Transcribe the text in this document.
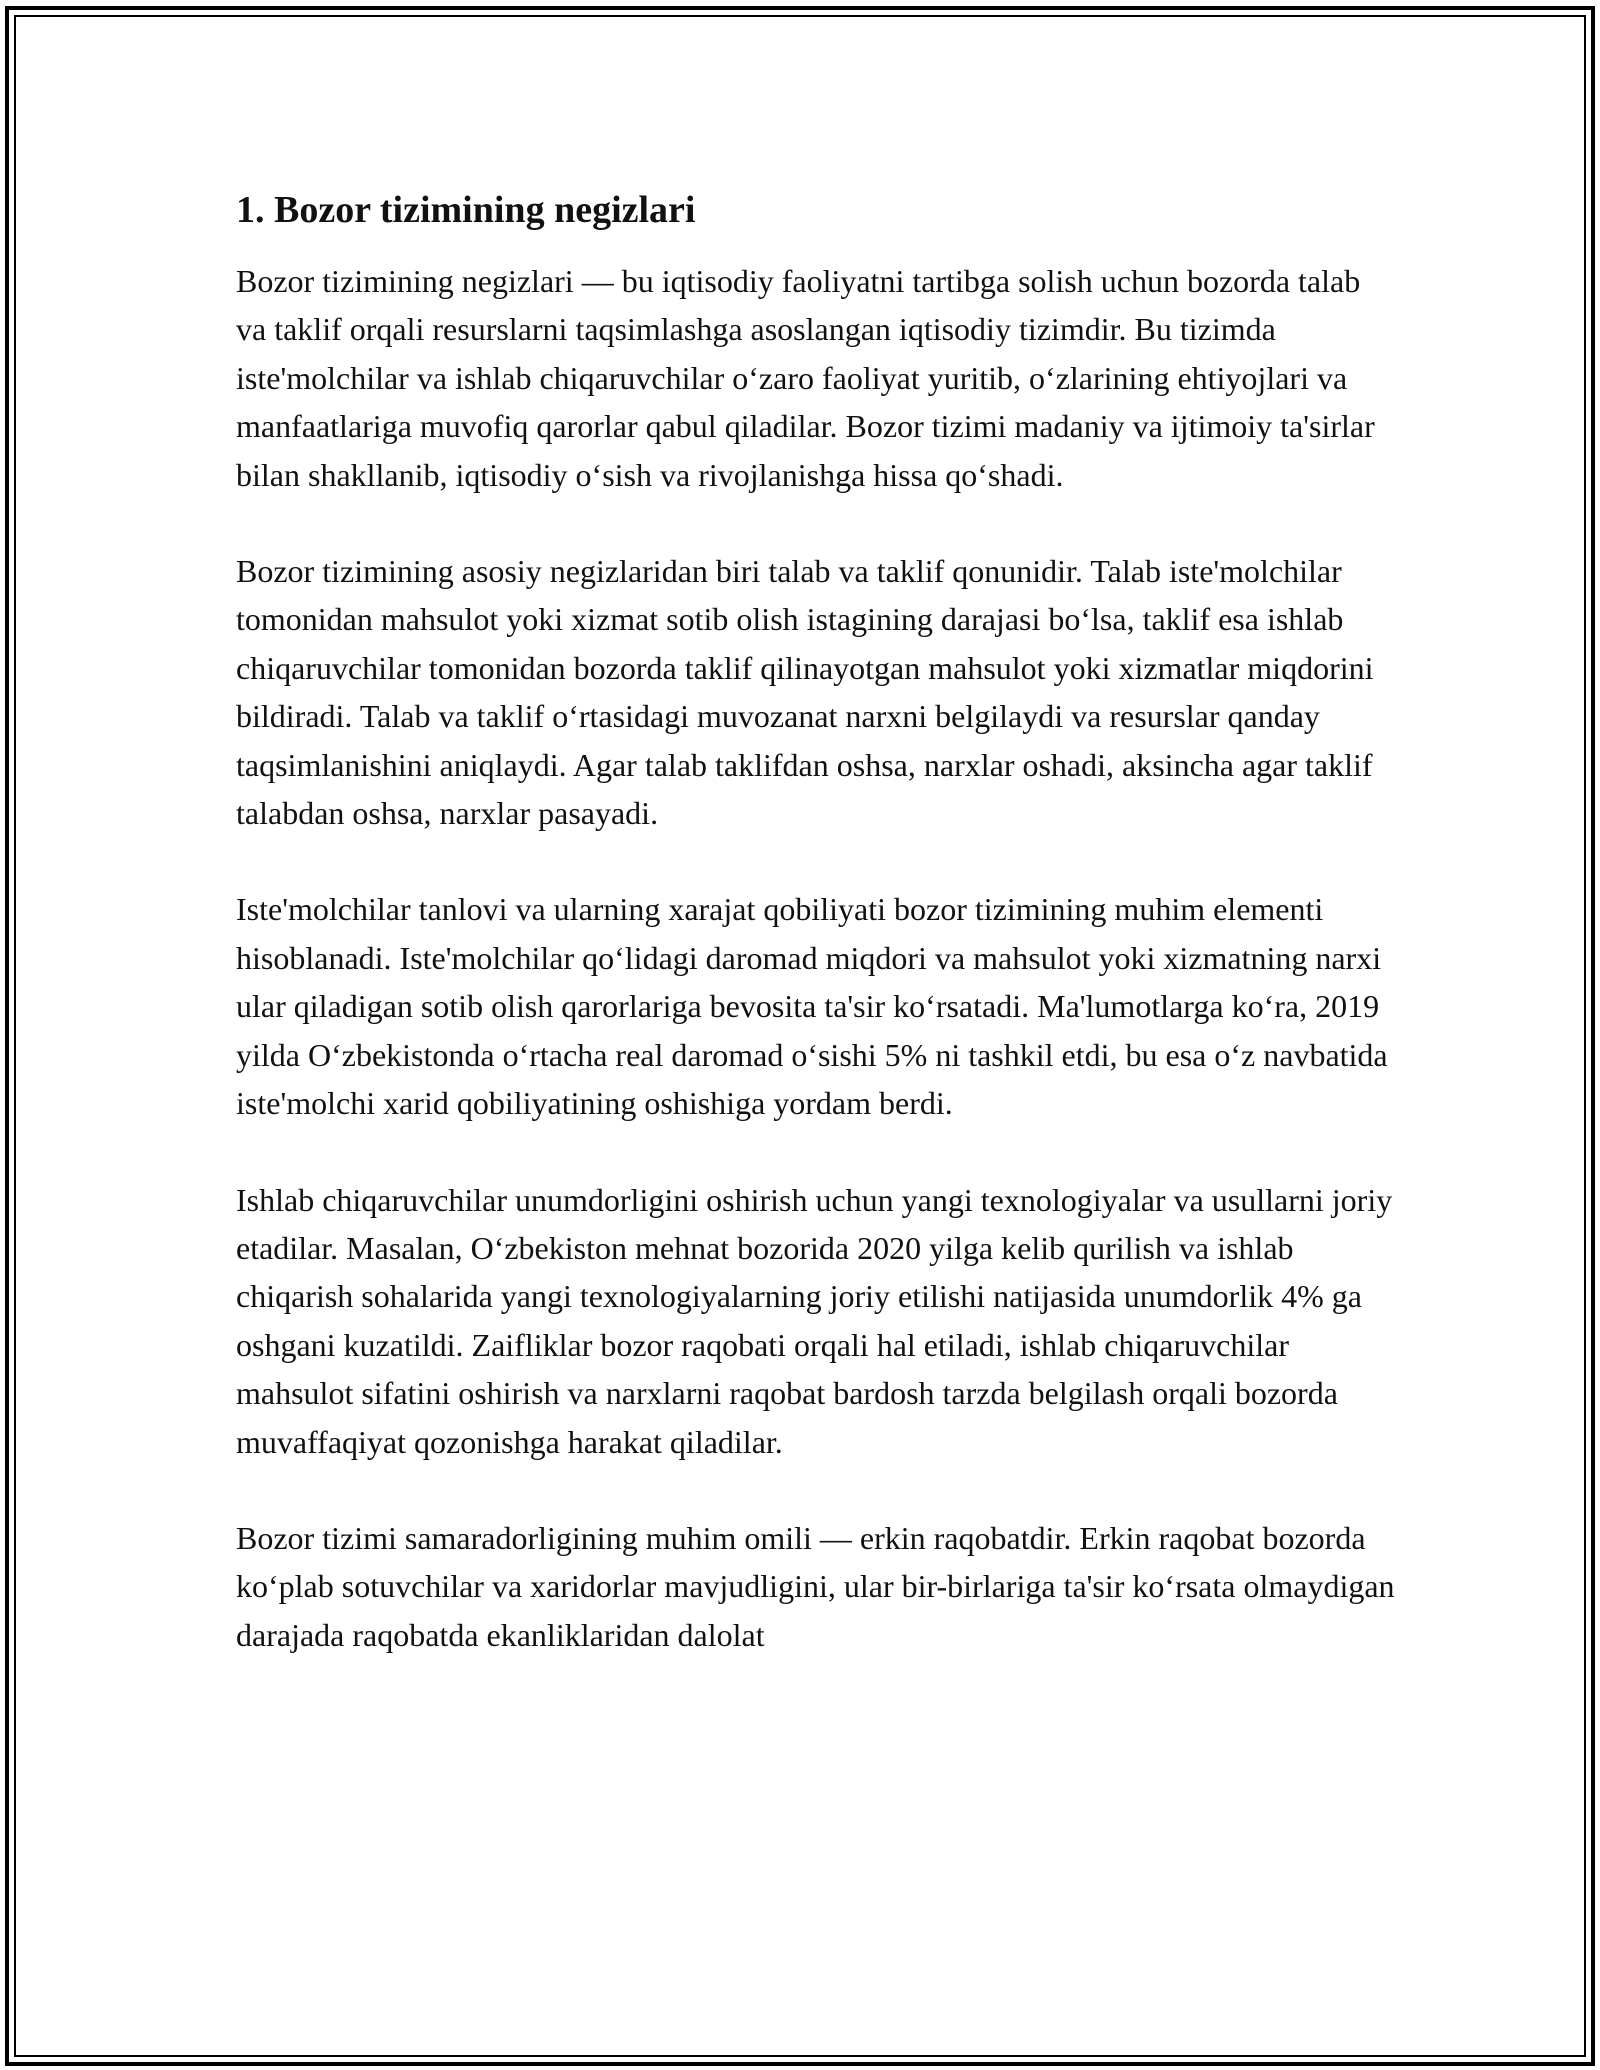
1. Bozor tizimining negizlari

Bozor tizimining negizlari — bu iqtisodiy faoliyatni tartibga solish uchun bozorda talab va taklif orqali resurslarni taqsimlashga asoslangan iqtisodiy tizimdir. Bu tizimda iste'molchilar va ishlab chiqaruvchilar o‘zaro faoliyat yuritib, o‘zlarining ehtiyojlari va manfaatlariga muvofiq qarorlar qabul qiladilar. Bozor tizimi madaniy va ijtimoiy ta'sirlar bilan shakllanib, iqtisodiy o‘sish va rivojlanishga hissa qo‘shadi.

Bozor tizimining asosiy negizlaridan biri talab va taklif qonunidir. Talab iste'molchilar tomonidan mahsulot yoki xizmat sotib olish istagining darajasi bo‘lsa, taklif esa ishlab chiqaruvchilar tomonidan bozorda taklif qilinayotgan mahsulot yoki xizmatlar miqdorini bildiradi. Talab va taklif o‘rtasidagi muvozanat narxni belgilaydi va resurslar qanday taqsimlanishini aniqlaydi. Agar talab taklifdan oshsa, narxlar oshadi, aksincha agar taklif talabdan oshsa, narxlar pasayadi.

Iste'molchilar tanlovi va ularning xarajat qobiliyati bozor tizimining muhim elementi hisoblanadi. Iste'molchilar qo‘lidagi daromad miqdori va mahsulot yoki xizmatning narxi ular qiladigan sotib olish qarorlariga bevosita ta'sir ko‘rsatadi. Ma'lumotlarga ko‘ra, 2019 yilda O‘zbekistonda o‘rtacha real daromad o‘sishi 5% ni tashkil etdi, bu esa o‘z navbatida iste'molchi xarid qobiliyatining oshishiga yordam berdi.

Ishlab chiqaruvchilar unumdorligini oshirish uchun yangi texnologiyalar va usullarni joriy etadilar. Masalan, O‘zbekiston mehnat bozorida 2020 yilga kelib qurilish va ishlab chiqarish sohalarida yangi texnologiyalarning joriy etilishi natijasida unumdorlik 4% ga oshgani kuzatildi. Zaifliklar bozor raqobati orqali hal etiladi, ishlab chiqaruvchilar mahsulot sifatini oshirish va narxlarni raqobat bardosh tarzda belgilash orqali bozorda muvaffaqiyat qozonishga harakat qiladilar.

Bozor tizimi samaradorligining muhim omili — erkin raqobatdir. Erkin raqobat bozorda ko‘plab sotuvchilar va xaridorlar mavjudligini, ular bir-birlariga ta'sir ko‘rsata olmaydigan darajada raqobatda ekanliklaridan dalolat
